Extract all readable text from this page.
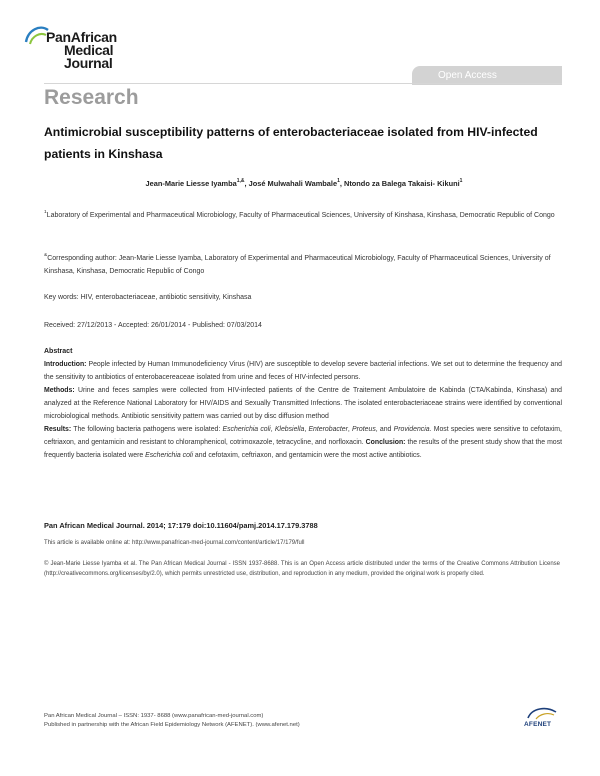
PanAfrican
Medical
Journal
Open Access
Research
Antimicrobial susceptibility patterns of enterobacteriaceae isolated from HIV-infected patients in Kinshasa
Jean-Marie Liesse Iyamba$^{1,\&}$, José Mulwahali Wambale$^1$, Ntondo za Balega Takaisi- Kikuni$^1$
$^1$Laboratory of Experimental and Pharmaceutical Microbiology, Faculty of Pharmaceutical Sciences, University of Kinshasa, Kinshasa, Democratic Republic of Congo
&Corresponding author: Jean-Marie Liesse Iyamba, Laboratory of Experimental and Pharmaceutical Microbiology, Faculty of Pharmaceutical Sciences, University of Kinshasa, Kinshasa, Democratic Republic of Congo
Key words: HIV, enterobacteriaceae, antibiotic sensitivity, Kinshasa
Received: 27/12/2013 - Accepted: 26/01/2014 - Published: 07/03/2014
Abstract

Introduction: People infected by Human Immunodeficiency Virus (HIV) are susceptible to develop severe bacterial infections. We set out to determine the frequency and the sensitivity to antibiotics of enterobacereaceae isolated from urine and feces of HIV-infected persons.

Methods: Urine and feces samples were collected from HIV-infected patients of the Centre de Traitement Ambulatoire de Kabinda (CTA/Kabinda, Kinshasa) and analyzed at the Reference National Laboratory for HIV/AIDS and Sexually Transmitted Infections. The isolated enterobacteriaceae strains were identified by conventional microbiological methods. Antibiotic sensitivity pattern was carried out by disc diffusion method

Results: The following bacteria pathogens were isolated: Escherichia coli, Klebsiella, Enterobacter, Proteus, and Providencia. Most species were sensitive to cefotaxim, ceftriaxon, and gentamicin and resistant to chloramphenicol, cotrimoxazole, tetracycline, and norfloxacin. Conclusion: the results of the present study show that the most frequently bacteria isolated were Escherichia coli and cefotaxim, ceftriaxon, and gentamicin were the most active antibiotics.

Pan African Medical Journal. 2014; 17:179 doi:10.11604/pamj.2014.17.179.3788
This article is available online at: http://www.panafrican-med-journal.com/content/article/17/179/full
© Jean-Marie Liesse Iyamba et al. The Pan African Medical Journal - ISSN 1937-8688. This is an Open Access article distributed under the terms of the Creative Commons Attribution License (http://creativecommons.org/licenses/by/2.0), which permits unrestricted use, distribution, and reproduction in any medium, provided the original work is properly cited.
Pan African Medical Journal – ISSN: 1937- 8688 (www.panafrican-med-journal.com)
Published in partnership with the African Field Epidemiology Network (AFENET). (www.afenet.net)	AFENET
